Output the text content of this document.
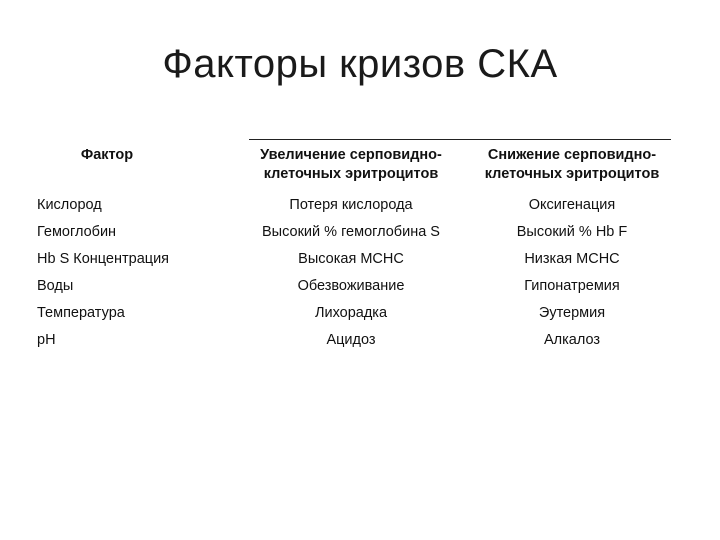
Факторы кризов СКА
Фактор	Увеличение серповидно-клеточных эритроцитов	Снижение серповидно-клеточных эритроцитов
Кислород	Потеря кислорода	Оксигенация
Гемоглобин	Высокий % гемоглобина S	Высокий % Hb F
Hb S Концентрация	Высокая MCHC	Низкая MCHC
Воды	Обезвоживание	Гипонатремия
Температура	Лихорадка	Эутермия
pH	Ацидоз	Алкалоз
